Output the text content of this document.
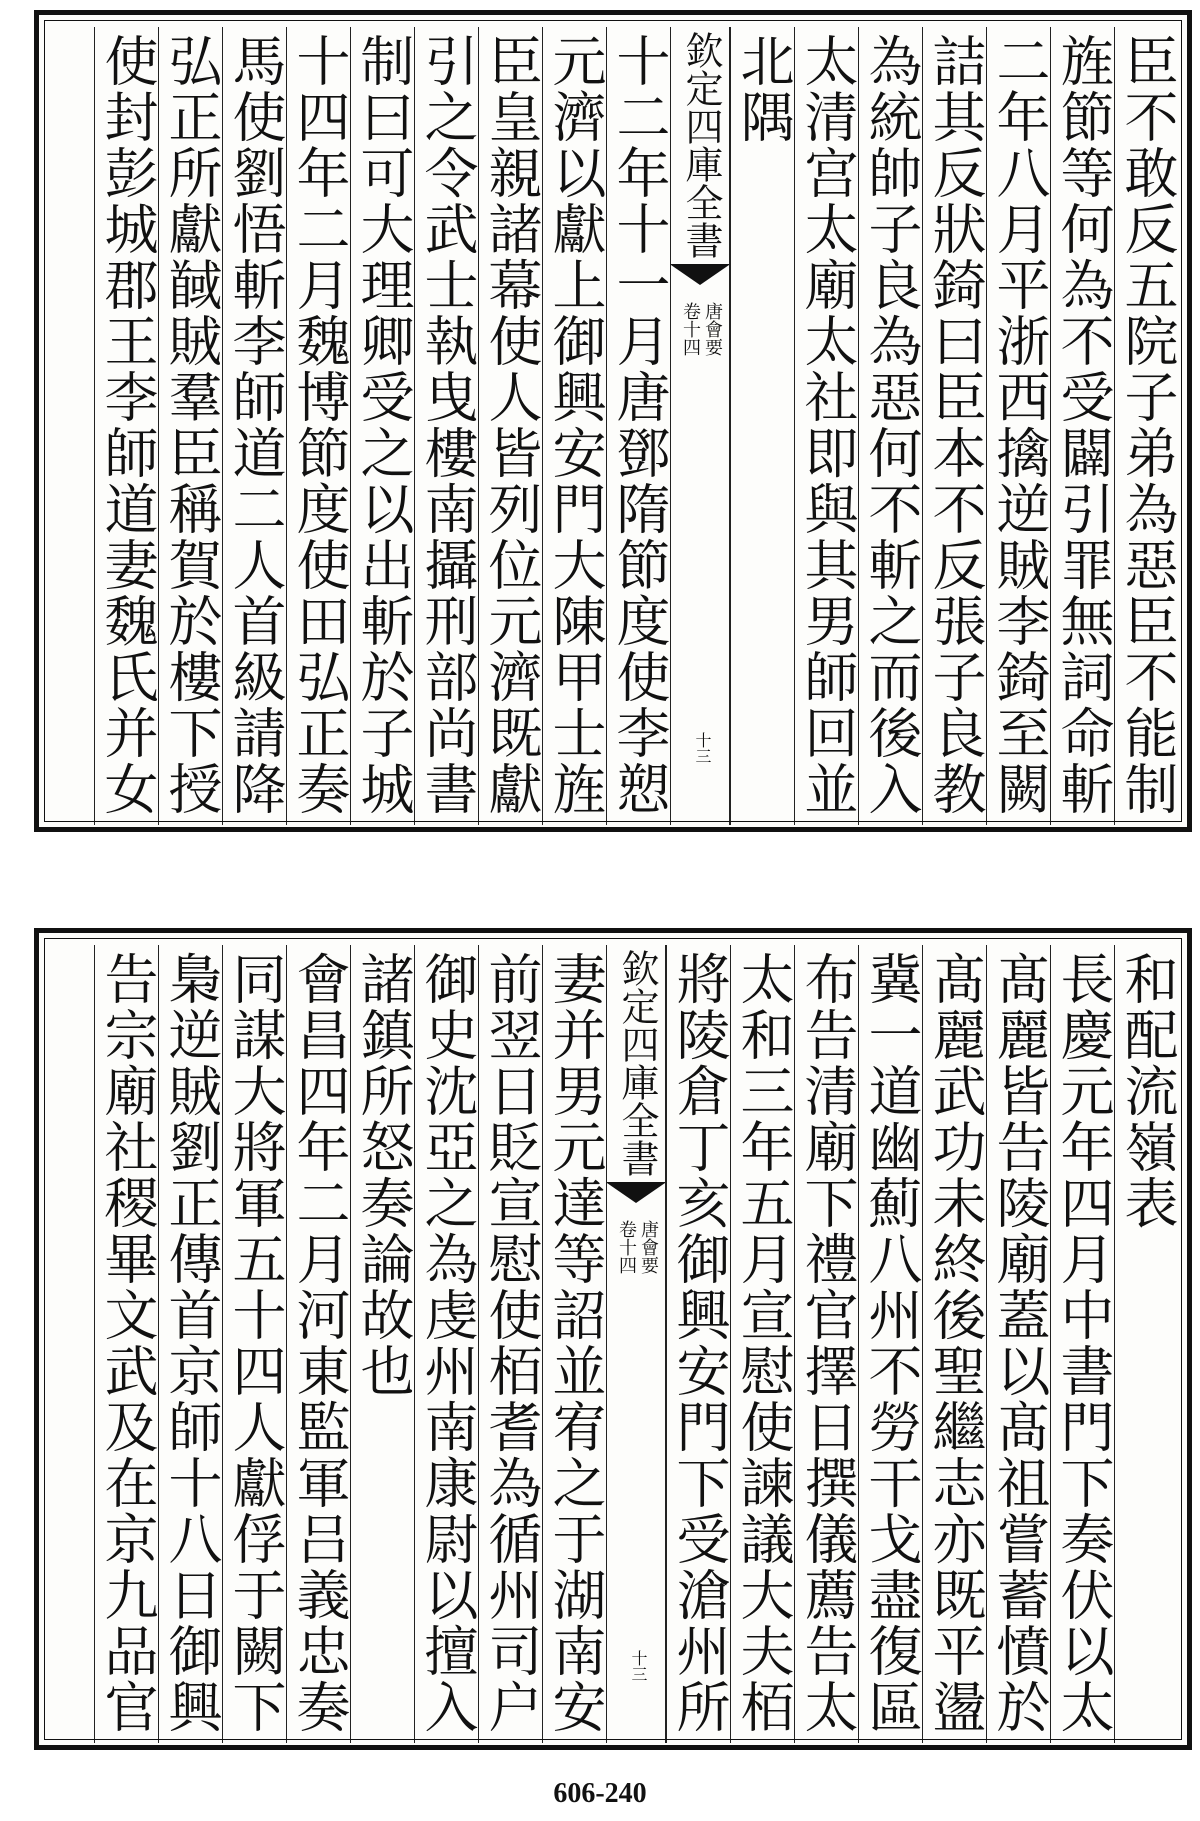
臣不敢反五院子弟為惡臣不能制
旌節等何為不受闢引罪無詞命斬
二年八月平浙西擒逆賊李錡至闕
詰其反狀錡曰臣本不反張子良教
為統帥子良為惡何不斬之而後入
太清宫太廟太社即與其男師回並
北隅
欽定四庫全書
唐會要
卷十四
十三
十二年十一月唐鄧隋節度使李愬
元濟以獻上御興安門大陳甲士旌
臣皇親諸幕使人皆列位元濟既獻
引之令武士執曳樓南攝刑部尚書
制曰可大理卿受之以出斬於子城
十四年二月魏博節度使田弘正奏
馬使劉悟斬李師道二人首級請降
弘正所獻馘賊羣臣稱賀於樓下授
使封彭城郡王李師道妻魏氏并女
和配流嶺表
長慶元年四月中書門下奏伏以太
髙麗皆告陵廟蓋以髙祖嘗蓄憤於
髙麗武功未終後聖繼志亦既平盪
冀一道幽薊八州不勞干戈盡復區
布告清廟下禮官擇日撰儀薦告太
太和三年五月宣慰使諫議大夫栢
將陵倉丁亥御興安門下受滄州所
欽定四庫全書
唐會要
卷十四
十三
妻并男元達等詔並宥之于湖南安
前翌日貶宣慰使栢耆為循州司户
御史沈亞之為虔州南康尉以擅入
諸鎮所怒奏論故也
會昌四年二月河東監軍吕義忠奏
同謀大將軍五十四人獻俘于闕下
梟逆賊劉正傳首京師十八日御興
告宗廟社稷畢文武及在京九品官
606-240
